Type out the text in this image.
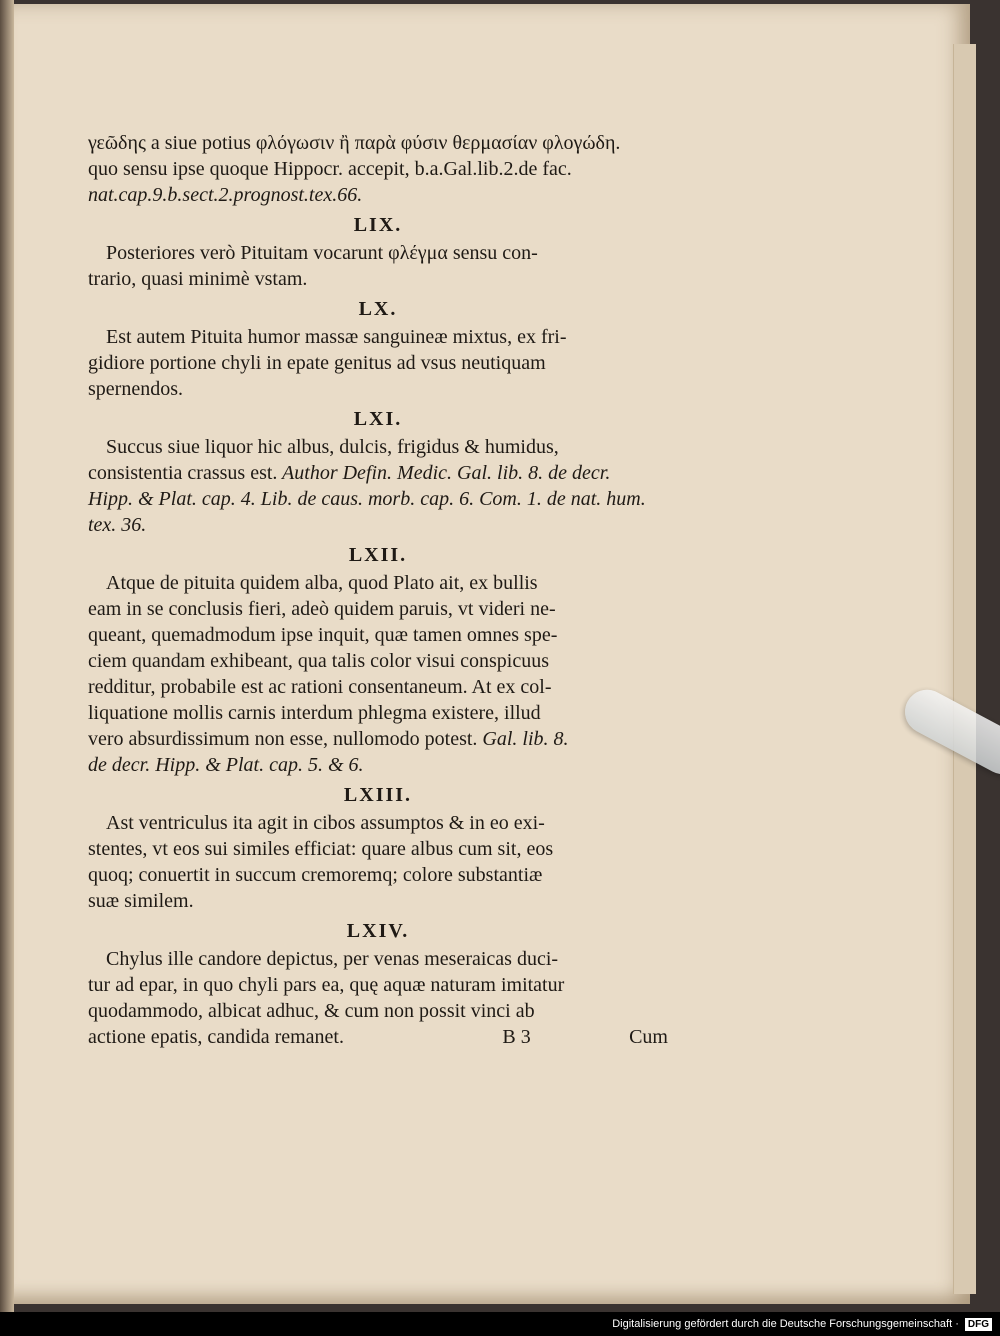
γεῶδης a siue potius φλόγωσιν ἢ παρὰ φύσιν θερμασίαν φλογώδη.

quo sensu ipse quoque Hippocr. accepit, b.a.Gal.lib.2.de fac.

nat.cap.9.b.sect.2.prognost.tex.66.

LIX.

Posteriores verò Pituitam vocarunt φλέγμα sensu con-

trario, quasi minimè vstam.

LX.

Est autem Pituita humor massæ sanguineæ mixtus, ex fri-

gidiore portione chyli in epate genitus ad vsus neutiquam

spernendos.

LXI.

Succus siue liquor hic albus, dulcis, frigidus & humidus,

consistentia crassus est. Author Defin. Medic. Gal. lib. 8. de decr.

Hipp. & Plat. cap. 4. Lib. de caus. morb. cap. 6. Com. 1. de nat. hum.

tex. 36.

LXII.

Atque de pituita quidem alba, quod Plato ait, ex bullis

eam in se conclusis fieri, adeò quidem paruis, vt videri ne-

queant, quemadmodum ipse inquit, quæ tamen omnes spe-

ciem quandam exhibeant, qua talis color visui conspicuus

redditur, probabile est ac rationi consentaneum. At ex col-

liquatione mollis carnis interdum phlegma existere, illud

vero absurdissimum non esse, nullomodo potest. Gal. lib. 8.

de decr. Hipp. & Plat. cap. 5. & 6.

LXIII.

Ast ventriculus ita agit in cibos assumptos & in eo exi-

stentes, vt eos sui similes efficiat: quare albus cum sit, eos

quoq; conuertit in succum cremoremq; colore substantiæ

suæ similem.

LXIV.

Chylus ille candore depictus, per venas meseraicas duci-

tur ad epar, in quo chyli pars ea, quę aquæ naturam imitatur

quodammodo, albicat adhuc, & cum non possit vinci ab

actione epatis, candida remanet.	B 3	Cum
Digitalisierung gefördert durch die Deutsche Forschungsgemeinschaft · DFG
